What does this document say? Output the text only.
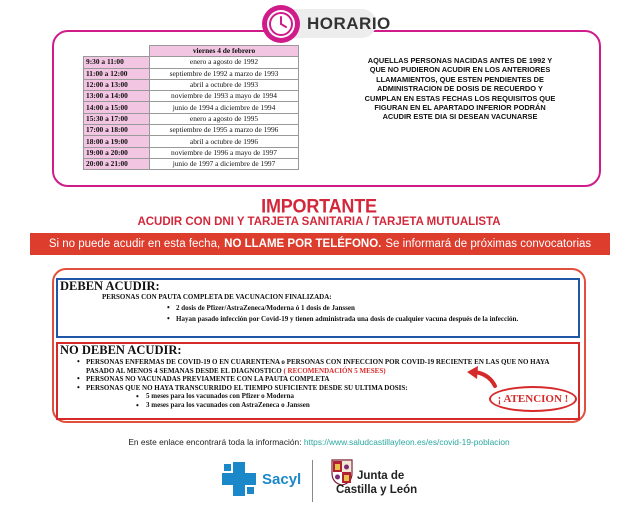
HORARIO
	viernes 4 de febrero
9:30 a 11:00	enero a agosto de 1992
11:00 a 12:00	septiembre de 1992 a marzo de 1993
12:00 a 13:00	abril a octubre de 1993
13:00 a 14:00	noviembre de 1993 a mayo de 1994
14:00 a 15:00	junio de 1994 a diciembre de 1994
15:30 a 17:00	enero a agosto de 1995
17:00 a 18:00	septiembre de 1995 a marzo de 1996
18:00 a 19:00	abril a octubre de 1996
19:00 a 20:00	noviembre de 1996 a mayo de 1997
20:00 a 21:00	junio de 1997 a diciembre de 1997
AQUELLAS PERSONAS NACIDAS ANTES DE 1992 Y QUE NO PUDIERON ACUDIR EN LOS ANTERIORES LLAMAMIENTOS, QUE ESTEN PENDIENTES DE ADMINISTRACION DE DOSIS DE RECUERDO Y CUMPLAN EN ESTAS FECHAS LOS REQUISITOS QUE FIGURAN EN EL APARTADO INFERIOR PODRÁN ACUDIR ESTE DIA SI DESEAN VACUNARSE
IMPORTANTE
ACUDIR CON DNI Y TARJETA SANITARIA / TARJETA MUTUALISTA
Si no puede acudir en esta fecha, NO LLAME POR TELÉFONO. Se informará de próximas convocatorias
DEBEN ACUDIR:
PERSONAS CON PAUTA COMPLETA DE VACUNACION FINALIZADA:
• 2 dosis de Pfizer/AstraZeneca/Moderna ó 1 dosis de Janssen
• Hayan pasado infección por Covid-19 y tienen administrada una dosis de cualquier vacuna después de la infección.
NO DEBEN ACUDIR:
• PERSONAS ENFERMAS DE COVID-19 O EN CUARENTENA o PERSONAS CON INFECCION POR COVID-19 RECIENTE EN LAS QUE NO HAYA PASADO AL MENOS 4 SEMANAS DESDE EL DIAGNOSTICO ( RECOMENDACIÓN 5 MESES)
• PERSONAS NO VACUNADAS PREVIAMENTE CON LA PAUTA COMPLETA
• PERSONAS QUE NO HAYA TRANSCURRIDO EL TIEMPO SUFICIENTE DESDE SU ULTIMA DOSIS:
• 5 meses para los vacunados con Pfizer o Moderna
• 3 meses para los vacunados con AstraZeneca o Janssen
¡ ATENCION !
En este enlace encontrará toda la información: https://www.saludcastillayleon.es/es/covid-19-poblacion
Sacyl	Junta de
Castilla y León
